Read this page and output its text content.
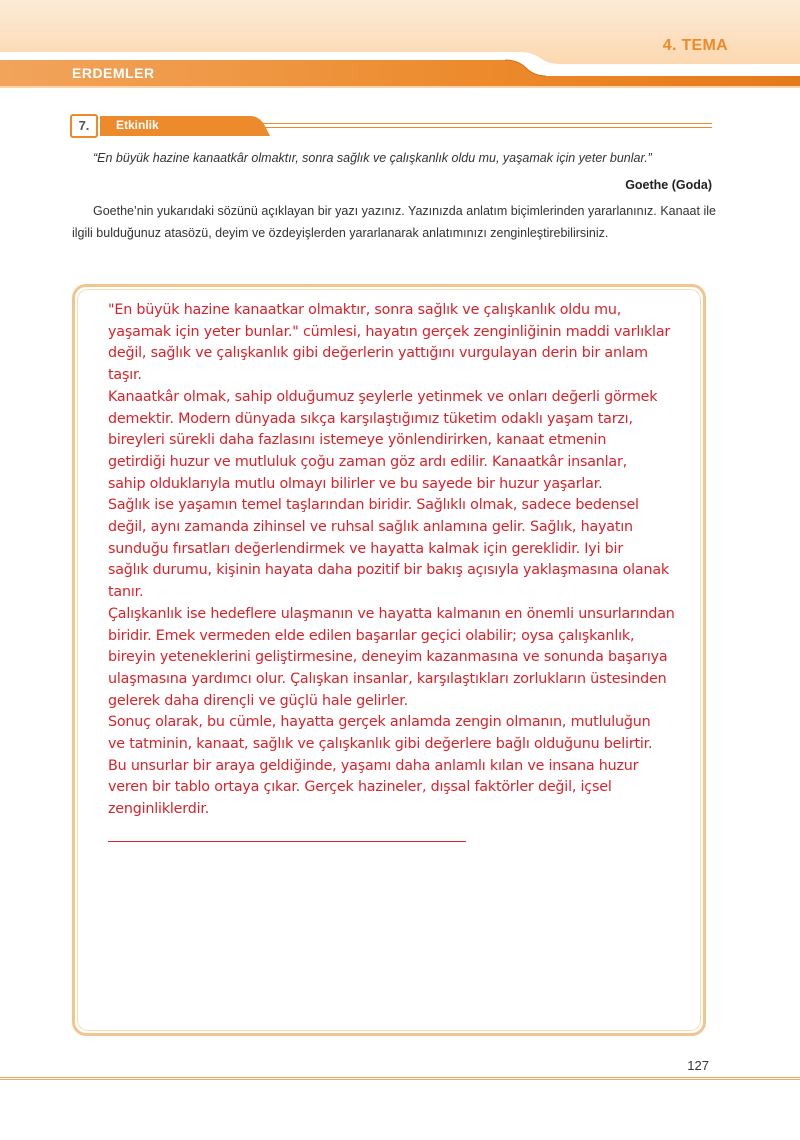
ERDEMLER
4. TEMA
7.	Etkinlik
“En büyük hazine kanaatkâr olmaktır, sonra sağlık ve çalışkanlık oldu mu, yaşamak için yeter bunlar.”
Goethe (Goda)
Goethe’nin yukarıdaki sözünü açıklayan bir yazı yazınız. Yazınızda anlatım biçimlerinden yararlanınız. Kanaat ile ilgili bulduğunuz atasözü, deyim ve özdeyişlerden yararlanarak anlatımınızı zenginleştirebilirsiniz.

"En büyük hazine kanaatkar olmaktır, sonra sağlık ve çalışkanlık oldu mu,

yaşamak için yeter bunlar." cümlesi, hayatın gerçek zenginliğinin maddi varlıklar

değil, sağlık ve çalışkanlık gibi değerlerin yattığını vurgulayan derin bir anlam

taşır.

Kanaatkâr olmak, sahip olduğumuz şeylerle yetinmek ve onları değerli görmek

demektir. Modern dünyada sıkça karşılaştığımız tüketim odaklı yaşam tarzı,

bireyleri sürekli daha fazlasını istemeye yönlendirirken, kanaat etmenin

getirdiği huzur ve mutluluk çoğu zaman göz ardı edilir. Kanaatkâr insanlar,

sahip olduklarıyla mutlu olmayı bilirler ve bu sayede bir huzur yaşarlar.

Sağlık ise yaşamın temel taşlarından biridir. Sağlıklı olmak, sadece bedensel

değil, aynı zamanda zihinsel ve ruhsal sağlık anlamına gelir. Sağlık, hayatın

sunduğu fırsatları değerlendirmek ve hayatta kalmak için gereklidir. Iyi bir

sağlık durumu, kişinin hayata daha pozitif bir bakış açısıyla yaklaşmasına olanak

tanır.

Çalışkanlık ise hedeflere ulaşmanın ve hayatta kalmanın en önemli unsurlarından

biridir. Emek vermeden elde edilen başarılar geçici olabilir; oysa çalışkanlık,

bireyin yeteneklerini geliştirmesine, deneyim kazanmasına ve sonunda başarıya

ulaşmasına yardımcı olur. Çalışkan insanlar, karşılaştıkları zorlukların üstesinden

gelerek daha dirençli ve güçlü hale gelirler.

Sonuç olarak, bu cümle, hayatta gerçek anlamda zengin olmanın, mutluluğun

ve tatminin, kanaat, sağlık ve çalışkanlık gibi değerlere bağlı olduğunu belirtir.

Bu unsurlar bir araya geldiğinde, yaşamı daha anlamlı kılan ve insana huzur

veren bir tablo ortaya çıkar. Gerçek hazineler, dışsal faktörler değil, içsel

zenginliklerdir.

127
